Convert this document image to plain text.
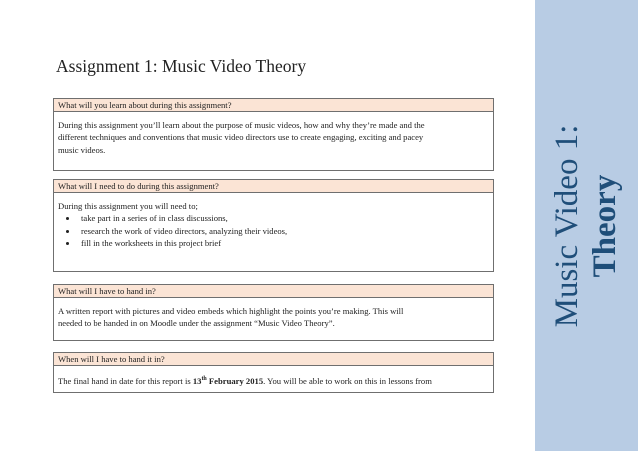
Assignment 1: Music Video Theory
What will you learn about during this assignment?
During this assignment you’ll learn about the purpose of music videos, how and why they’re made and the
different techniques and conventions that music video directors use to create engaging, exciting and pacey
music videos.
What will I need to do during this assignment?
During this assignment you will need to;
• take part in a series of in class discussions,
• research the work of video directors, analyzing their videos,
• fill in the worksheets in this project brief
What will I have to hand in?
A written report with pictures and video embeds which highlight the points you’re making. This will
needed to be handed in on Moodle under the assignment “Music Video Theory”.
When will I have to hand it in?
The final hand in date for this report is 13th February 2015. You will be able to work on this in lessons from
Music Video 1: Theory
